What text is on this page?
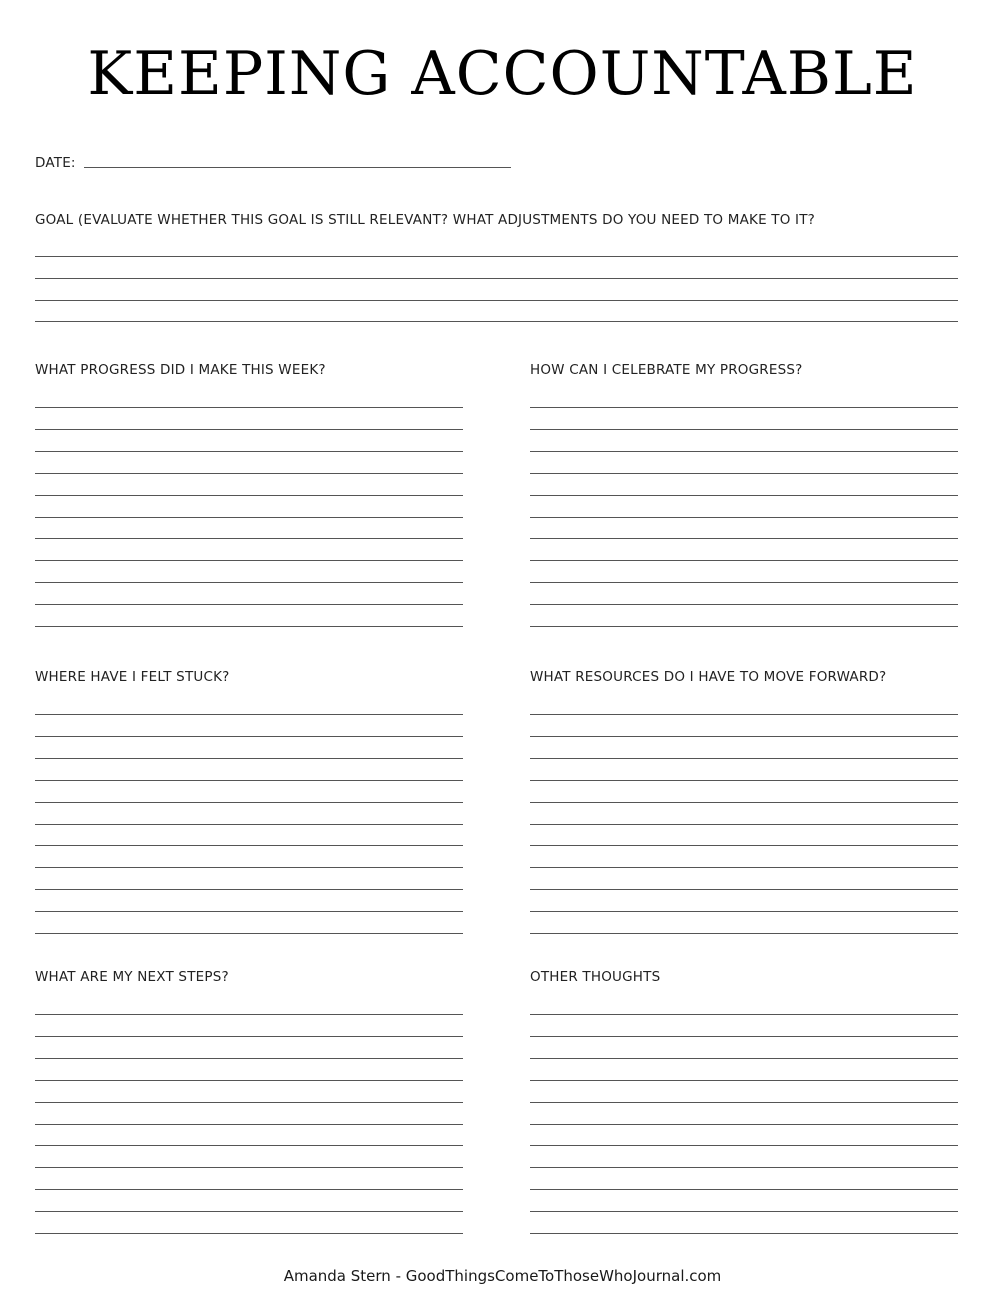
KEEPING ACCOUNTABLE
DATE:
GOAL (EVALUATE WHETHER THIS GOAL IS STILL RELEVANT? WHAT ADJUSTMENTS DO YOU NEED TO MAKE TO IT?
WHAT PROGRESS DID I MAKE THIS WEEK?	HOW CAN I CELEBRATE MY PROGRESS?
WHERE HAVE I FELT STUCK?	WHAT RESOURCES DO I HAVE TO MOVE FORWARD?
WHAT ARE MY NEXT STEPS?	OTHER THOUGHTS
Amanda Stern - GoodThingsComeToThoseWhoJournal.com
